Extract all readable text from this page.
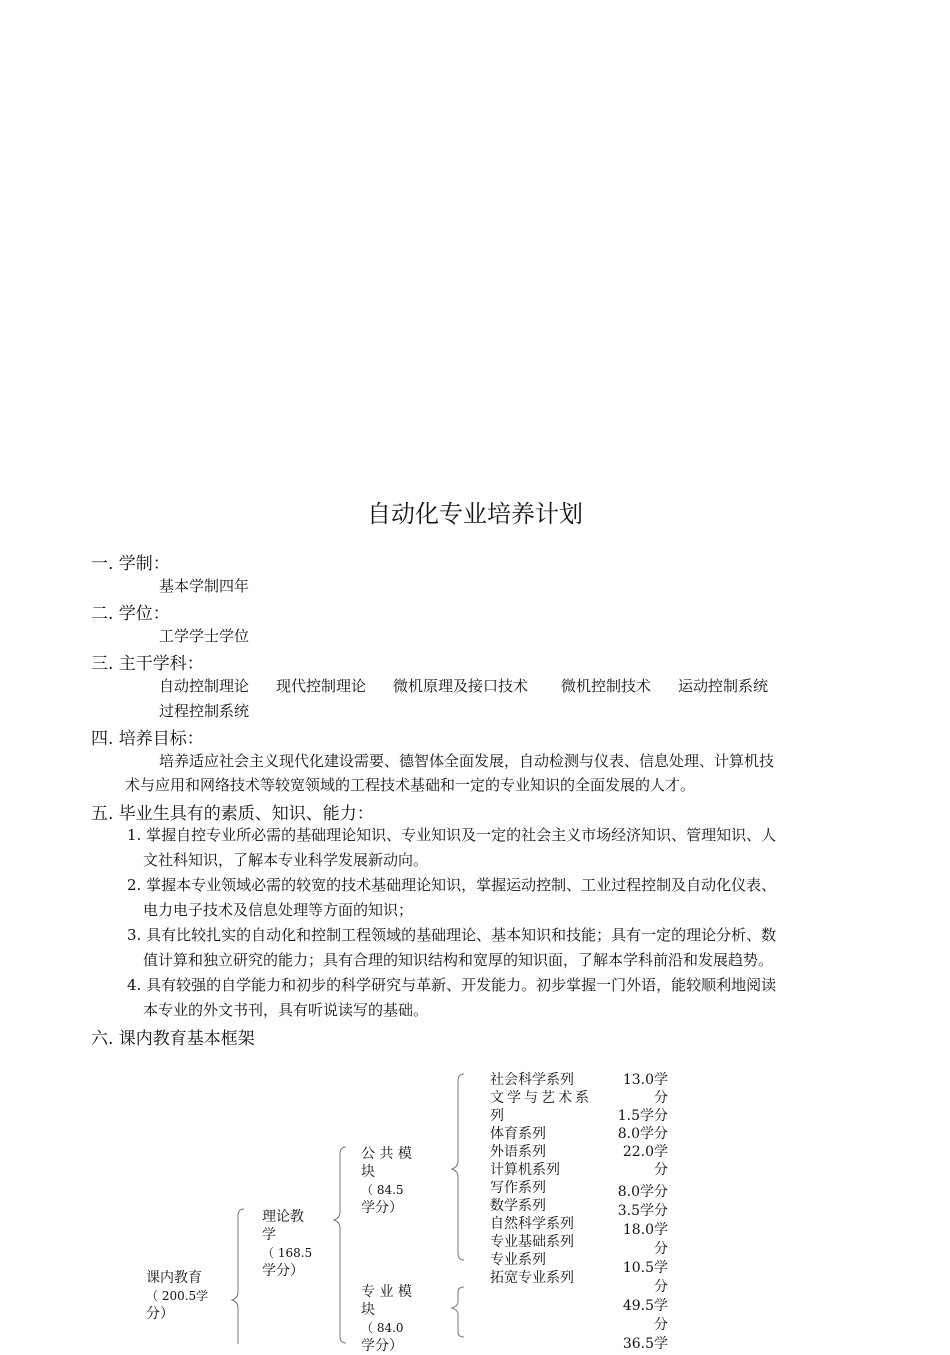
自动化专业培养计划
一. 学制：
基本学制四年
二. 学位：
工学学士学位
三. 主干学科：
自动控制理论 现代控制理论 微机原理及接口技术 微机控制技术 运动控制系统
过程控制系统
四. 培养目标：
培养适应社会主义现代化建设需要、德智体全面发展，自动检测与仪表、信息处理、计算机技
术与应用和网络技术等较宽领域的工程技术基础和一定的专业知识的全面发展的人才。
五. 毕业生具有的素质、知识、能力：
1. 掌握自控专业所必需的基础理论知识、专业知识及一定的社会主义市场经济知识、管理知识、人
文社科知识，了解本专业科学发展新动向。
2. 掌握本专业领域必需的较宽的技术基础理论知识，掌握运动控制、工业过程控制及自动化仪表、
电力电子技术及信息处理等方面的知识；
3. 具有比较扎实的自动化和控制工程领域的基础理论、基本知识和技能；具有一定的理论分析、数
值计算和独立研究的能力；具有合理的知识结构和宽厚的知识面，了解本学科前沿和发展趋势。
4. 具有较强的自学能力和初步的科学研究与革新、开发能力。初步掌握一门外语，能较顺利地阅读
本专业的外文书刊，具有听说读写的基础。
六. 课内教育基本框架
课内教育
（ 200.5学
分）
理论教
学
（ 168.5
学分）
公 共 模
块
（ 84.5
学分）
专 业 模
块
（ 84.0
学分）
社会科学系列
文学与艺术系
列
体育系列
外语系列
计算机系列
写作系列
数学系列
自然科学系列
专业基础系列
专业系列
拓宽专业系列
13.0学
分
1.5学分
8.0学分
22.0学
分
8.0学分
3.5学分
18.0学
分
10.5学
分
49.5学
分
36.5学
